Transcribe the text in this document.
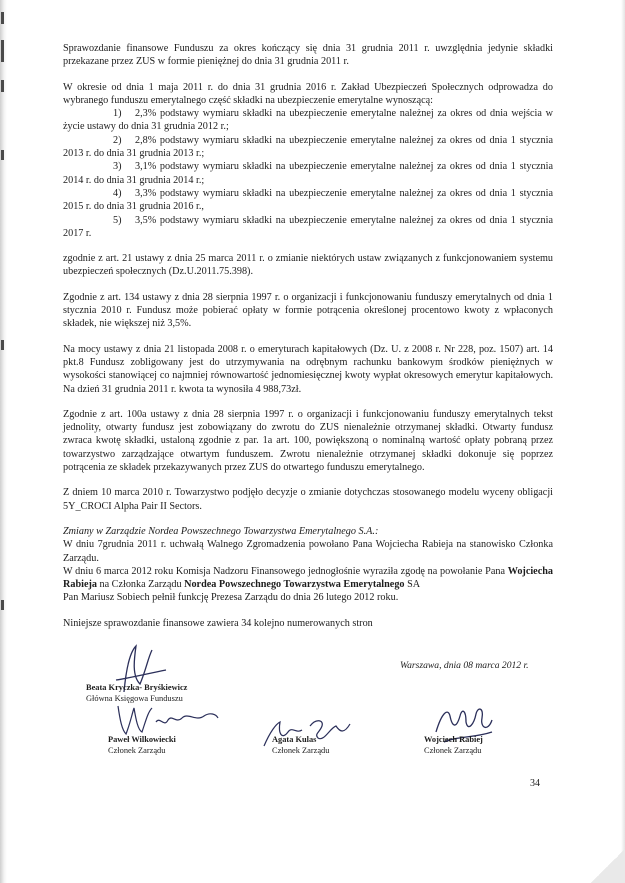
Sprawozdanie finansowe Funduszu za okres kończący się dnia 31 grudnia 2011 r. uwzględnia jedynie składki przekazane przez ZUS w formie pieniężnej do dnia 31 grudnia 2011 r.

W okresie od dnia 1 maja 2011 r. do dnia 31 grudnia 2016 r. Zakład Ubezpieczeń Społecznych odprowadza do wybranego funduszu emerytalnego część składki na ubezpieczenie emerytalne wynoszącą:

1) 2,3% podstawy wymiaru składki na ubezpieczenie emerytalne należnej za okres od dnia wejścia w życie ustawy do dnia 31 grudnia 2012 r.;
2) 2,8% podstawy wymiaru składki na ubezpieczenie emerytalne należnej za okres od dnia 1 stycznia 2013 r. do dnia 31 grudnia 2013 r.;
3) 3,1% podstawy wymiaru składki na ubezpieczenie emerytalne należnej za okres od dnia 1 stycznia 2014 r. do dnia 31 grudnia 2014 r.;
4) 3,3% podstawy wymiaru składki na ubezpieczenie emerytalne należnej za okres od dnia 1 stycznia 2015 r. do dnia 31 grudnia 2016 r.,
5) 3,5% podstawy wymiaru składki na ubezpieczenie emerytalne należnej za okres od dnia 1 stycznia 2017 r.

zgodnie z art. 21 ustawy z dnia 25 marca 2011 r. o zmianie niektórych ustaw związanych z funkcjonowaniem systemu ubezpieczeń społecznych (Dz.U.2011.75.398).

Zgodnie z art. 134 ustawy z dnia 28 sierpnia 1997 r. o organizacji i funkcjonowaniu funduszy emerytalnych od dnia 1 stycznia 2010 r. Fundusz może pobierać opłaty w formie potrącenia określonej procentowo kwoty z wpłaconych składek, nie większej niż 3,5%.

Na mocy ustawy z dnia 21 listopada 2008 r. o emeryturach kapitałowych (Dz. U. z 2008 r. Nr 228, poz. 1507) art. 14 pkt.8 Fundusz zobligowany jest do utrzymywania na odrębnym rachunku bankowym środków pieniężnych w wysokości stanowiącej co najmniej równowartość jednomiesięcznej kwoty wypłat okresowych emerytur kapitałowych. Na dzień 31 grudnia 2011 r. kwota ta wynosiła 4 988,73zł.

Zgodnie z art. 100a ustawy z dnia 28 sierpnia 1997 r. o organizacji i funkcjonowaniu funduszy emerytalnych tekst jednolity, otwarty fundusz jest zobowiązany do zwrotu do ZUS nienależnie otrzymanej składki. Otwarty fundusz zwraca kwotę składki, ustaloną zgodnie z par. 1a art. 100, powiększoną o nominalną wartość opłaty pobraną przez towarzystwo zarządzające otwartym funduszem. Zwrotu nienależnie otrzymanej składki dokonuje się poprzez potrącenia ze składek przekazywanych przez ZUS do otwartego funduszu emerytalnego.

Z dniem 10 marca 2010 r. Towarzystwo podjęło decyzje o zmianie dotychczas stosowanego modelu wyceny obligacji 5Y_CROCI Alpha Pair II Sectors.

Zmiany w Zarządzie Nordea Powszechnego Towarzystwa Emerytalnego S.A.:
W dniu 7grudnia 2011 r. uchwałą Walnego Zgromadzenia powołano Pana Wojciecha Rabieja na stanowisko Członka Zarządu.
W dniu 6 marca 2012 roku Komisja Nadzoru Finansowego jednogłośnie wyraziła zgodę na powołanie Pana Wojciecha Rabieja na Członka Zarządu Nordea Powszechnego Towarzystwa Emerytalnego SA
Pan Mariusz Sobiech pełnił funkcję Prezesa Zarządu do dnia 26 lutego 2012 roku.

Niniejsze sprawozdanie finansowe zawiera 34 kolejno numerowanych stron

Warszawa, dnia 08 marca 2012 r.
Beata Kryczka- Bryśkiewicz
Główna Księgowa Funduszu
Paweł Wilkowiecki
Członek Zarządu
Agata Kulas
Członek Zarządu
Wojciech Rabiej
Członek Zarządu
34
